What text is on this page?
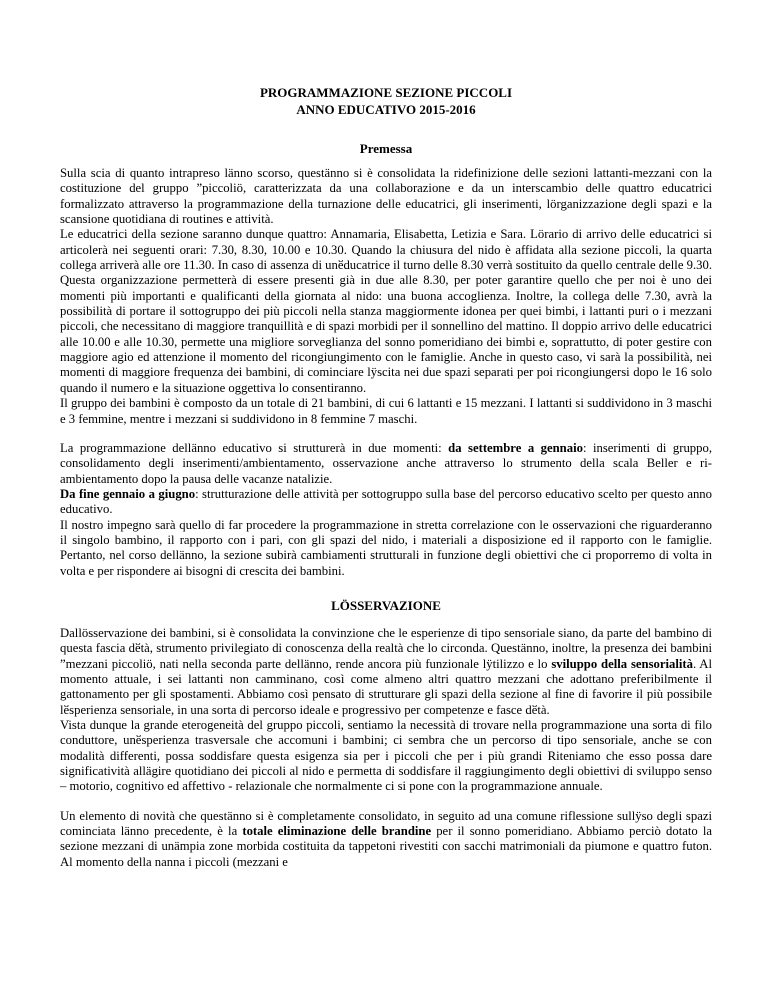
PROGRAMMAZIONE SEZIONE PICCOLI

ANNO EDUCATIVO 2015-2016

Premessa

Sulla scia di quanto intrapreso lӓnno scorso, questӓnno si è consolidata la ridefinizione delle sezioni lattanti-mezzani con la costituzione del gruppo ”piccoliö, caratterizzata da una collaborazione e da un interscambio delle quattro educatrici formalizzato attraverso la programmazione della turnazione delle educatrici, gli inserimenti, lӧrganizzazione degli spazi e la scansione quotidiana di routines e attività.

Le educatrici della sezione saranno dunque quattro: Annamaria, Elisabetta, Letizia e Sara. Lӧrario di arrivo delle educatrici si articolerà nei seguenti orari: 7.30, 8.30, 10.00 e 10.30. Quando la chiusura del nido è affidata alla sezione piccoli, la quarta collega arriverà alle ore 11.30. In caso di assenza di unӗducatrice il turno delle 8.30 verrà sostituito da quello centrale delle 9.30. Questa organizzazione permetterà di essere presenti già in due alle 8.30, per poter garantire quello che per noi è uno dei momenti più importanti e qualificanti della giornata al nido: una buona accoglienza. Inoltre, la collega delle 7.30, avrà la possibilità di portare il sottogruppo dei più piccoli nella stanza maggiormente idonea per quei bimbi, i lattanti puri o i mezzani piccoli, che necessitano di maggiore tranquillità e di spazi morbidi per il sonnellino del mattino. Il doppio arrivo delle educatrici alle 10.00 e alle 10.30, permette una migliore sorveglianza del sonno pomeridiano dei bimbi e, soprattutto, di poter gestire con maggiore agio ed attenzione il momento del ricongiungimento con le famiglie. Anche in questo caso, vi sarà la possibilità, nei momenti di maggiore frequenza dei bambini, di cominciare lӱscita nei due spazi separati per poi ricongiungersi dopo le 16 solo quando il numero e la situazione oggettiva lo consentiranno.

Il gruppo dei bambini è composto da un totale di 21 bambini, di cui 6 lattanti e 15 mezzani. I lattanti si suddividono in 3 maschi e 3 femmine, mentre i mezzani si suddividono in 8 femmine 7 maschi.

La programmazione dellӓnno educativo si strutturerà in due momenti: da settembre a gennaio: inserimenti di gruppo, consolidamento degli inserimenti/ambientamento, osservazione anche attraverso lo strumento della scala Beller e ri-ambientamento dopo la pausa delle vacanze natalizie.

Da fine gennaio a giugno: strutturazione delle attività per sottogruppo sulla base del percorso educativo scelto per questo anno educativo.

Il nostro impegno sarà quello di far procedere la programmazione in stretta correlazione con le osservazioni che riguarderanno il singolo bambino, il rapporto con i pari, con gli spazi del nido, i materiali a disposizione ed il rapporto con le famiglie. Pertanto, nel corso dellӓnno, la sezione subirà cambiamenti strutturali in funzione degli obiettivi che ci proporremo di volta in volta e per rispondere ai bisogni di crescita dei bambini.

LӦSSERVAZIONE

Dallӧsservazione dei bambini, si è consolidata la convinzione che le esperienze di tipo sensoriale siano, da parte del bambino di questa fascia dӗtà, strumento privilegiato di conoscenza della realtà che lo circonda. Questӓnno, inoltre, la presenza dei bambini ”mezzani piccoliö, nati nella seconda parte dellӓnno, rende ancora più funzionale lӱtilizzo e lo sviluppo della sensorialità. Al momento attuale, i sei lattanti non camminano, così come almeno altri quattro mezzani che adottano preferibilmente il gattonamento per gli spostamenti. Abbiamo così pensato di strutturare gli spazi della sezione al fine di favorire il più possibile lӗsperienza sensoriale, in una sorta di percorso ideale e progressivo per competenze e fasce dӗtà.

Vista dunque la grande eterogeneità del gruppo piccoli, sentiamo la necessità di trovare nella programmazione una sorta di filo conduttore, unӗsperienza trasversale che accomuni i bambini; ci sembra che un percorso di tipo sensoriale, anche se con modalità differenti, possa soddisfare questa esigenza sia per i piccoli che per i più grandi Riteniamo che esso possa dare significatività allӓgire quotidiano dei piccoli al nido e permetta di soddisfare il raggiungimento degli obiettivi di sviluppo senso – motorio, cognitivo ed affettivo - relazionale che normalmente ci si pone con la programmazione annuale.

Un elemento di novità che questӓnno si è completamente consolidato, in seguito ad una comune riflessione sullӱso degli spazi cominciata lӓnno precedente, è la totale eliminazione delle brandine per il sonno pomeridiano. Abbiamo perciò dotato la sezione mezzani di unӓmpia zone morbida costituita da tappetoni rivestiti con sacchi matrimoniali da piumone e quattro futon. Al momento della nanna i piccoli (mezzani e
